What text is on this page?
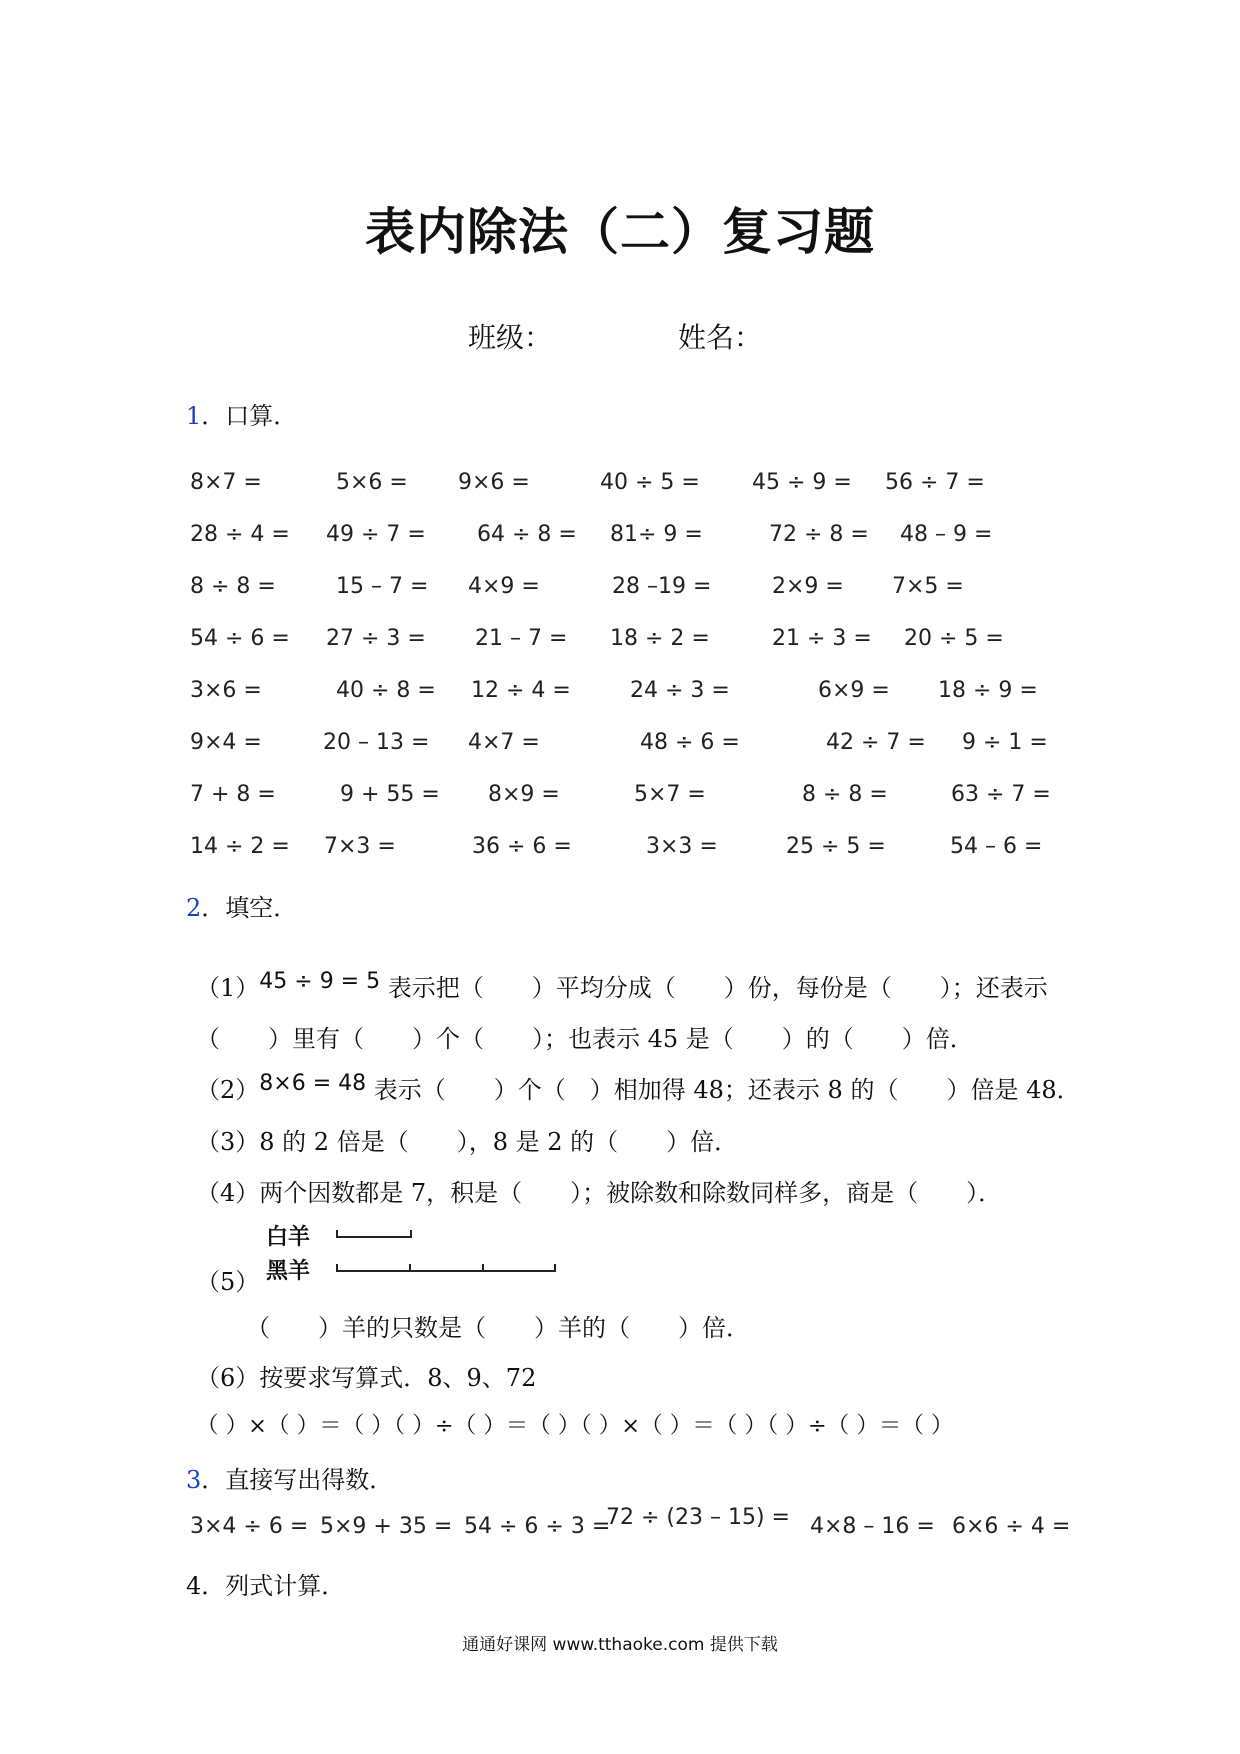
表内除法（二）复习题
班级：	姓名：
1．口算．
8×7 =	5×6 = 9×6 =	40 ÷ 5 = 45 ÷ 9 = 56 ÷ 7 =
28 ÷ 4 = 49 ÷ 7 = 64 ÷ 8 = 81÷ 9 =	72 ÷ 8 = 48 – 9 =
8 ÷ 8 =	15 – 7 = 4×9 =	28 –19 =	2×9 = 7×5 =
54 ÷ 6 = 27 ÷ 3 = 21 – 7 = 18 ÷ 2 =	21 ÷ 3 = 20 ÷ 5 =
3×6 =	40 ÷ 8 = 12 ÷ 4 =	24 ÷ 3 =	6×9 = 18 ÷ 9 =
9×4 =	20 – 13 = 4×7 =	48 ÷ 6 =	42 ÷ 7 = 9 ÷ 1 =
7 + 8 =	9 + 55 = 8×9 =	5×7 =	8 ÷ 8 =	63 ÷ 7 =
14 ÷ 2 = 7×3 =	36 ÷ 6 =	3×3 =	25 ÷ 5 =	54 – 6 =
2．填空．
（1）45 ÷ 9 = 5 表示把（　　）平均分成（　　）份，每份是（　　）；还表示
（　　）里有（　　）个（　　）；也表示 45 是（　　）的（　　）倍．
（2）8×6 = 48 表示（　　）个（　）相加得 48；还表示 8 的（　　）倍是 48．
（3）8 的 2 倍是（　　），8 是 2 的（　　）倍．
（4）两个因数都是 7，积是（　　）；被除数和除数同样多，商是（　　）．
白羊
黑羊
（5）
（　　）羊的只数是（　　）羊的（　　）倍．
（6）按要求写算式．8、9、72
（ ）×（ ）＝（ ）（ ）÷（ ）＝（ ）（ ）×（ ）＝（ ）（ ）÷（ ）＝（ ）
3．直接写出得数．
3×4 ÷ 6 = 5×9 + 35 = 54 ÷ 6 ÷ 3 =
72 ÷ (23 – 15) = 4×8 – 16 = 6×6 ÷ 4 =
4．列式计算．
通通好课网 www.tthaoke.com 提供下载
